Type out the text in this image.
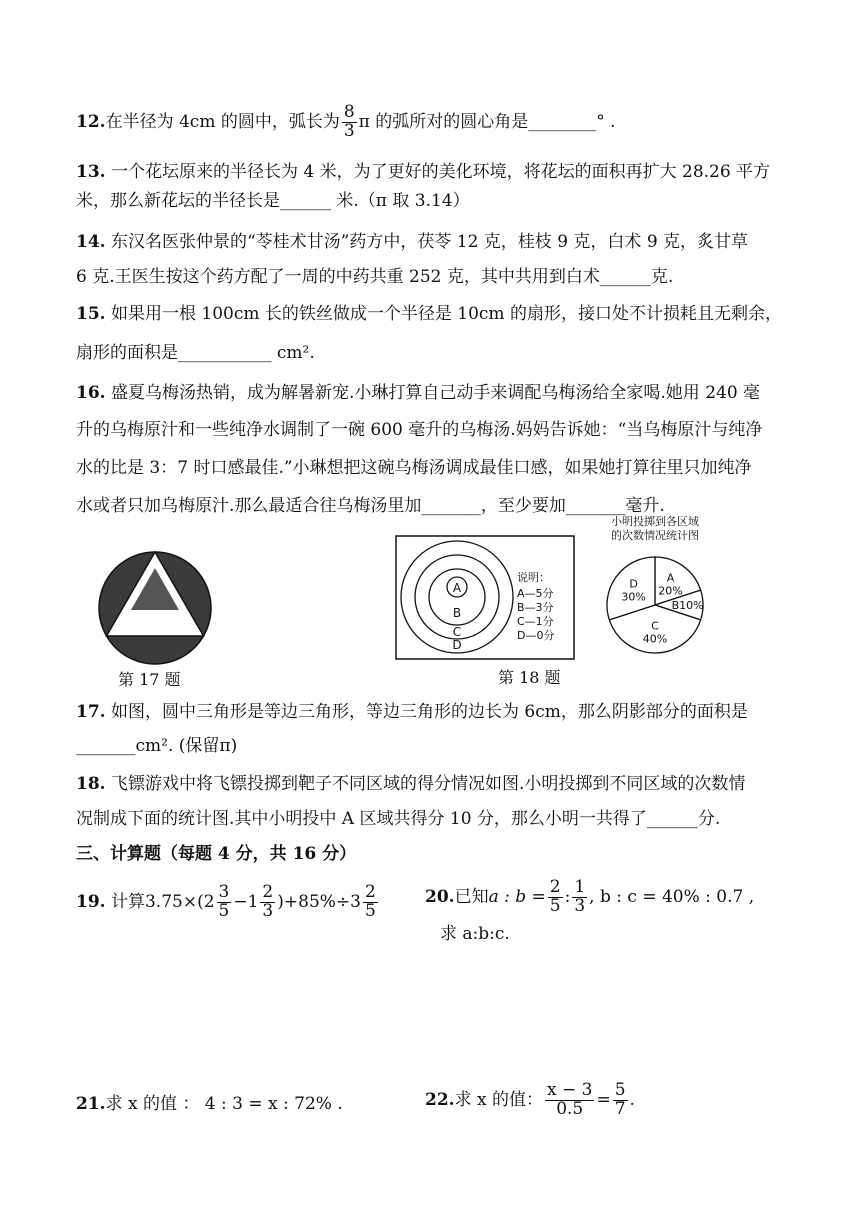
12.在半径为 4cm 的圆中，弧长为 $\frac{8}{3}$ π 的弧所对的圆心角是________° .
13. 一个花坛原来的半径长为 4 米，为了更好的美化环境，将花坛的面积再扩大 28.26 平方
米，那么新花坛的半径长是______ 米.（π 取 3.14）
14. 东汉名医张仲景的“苓桂术甘汤”药方中，茯苓 12 克，桂枝 9 克，白术 9 克，炙甘草
6 克.王医生按这个药方配了一周的中药共重 252 克，其中共用到白术______克.
15. 如果用一根 100cm 长的铁丝做成一个半径是 10cm 的扇形，接口处不计损耗且无剩余，
扇形的面积是___________ cm².
16. 盛夏乌梅汤热销，成为解暑新宠.小琳打算自己动手来调配乌梅汤给全家喝.她用 240 毫
升的乌梅原汁和一些纯净水调制了一碗 600 毫升的乌梅汤.妈妈告诉她：“当乌梅原汁与纯净
水的比是 3：7 时口感最佳.”小琳想把这碗乌梅汤调成最佳口感，如果她打算往里只加纯净
水或者只加乌梅原汁.那么最适合往乌梅汤里加_______，至少要加_______毫升.
第 17 题
A
B
C
D
说明：
A—5分
B—3分
C—1分
D—0分
小明投掷到各区域
的次数情况统计图
A
20%
B10%
C
40%
D
30%
第 18 题
17. 如图，圆中三角形是等边三角形，等边三角形的边长为 6cm，那么阴影部分的面积是
_______cm². (保留π)
18. 飞镖游戏中将飞镖投掷到靶子不同区域的得分情况如图.小明投掷到不同区域的次数情
况制成下面的统计图.其中小明投中 A 区域共得分 10 分，那么小明一共得了______分.
三、计算题（每题 4 分，共 16 分）
19. 计算$3.75\times(2 \frac{3}{5} -1 \frac{2}{3} )+85\%\div 3 \frac{2}{5}$	20.已知a : $b = \frac{2}{5}$ : $\frac{1}{3}$ , b : c = 40% : 0.7 ,
求 a:b:c.
21.求 x 的值 ： 4 : 3 = x : 72% .	22.求 x 的值： $\frac{x - 3}{0.5} = \frac{5}{7}$ .
